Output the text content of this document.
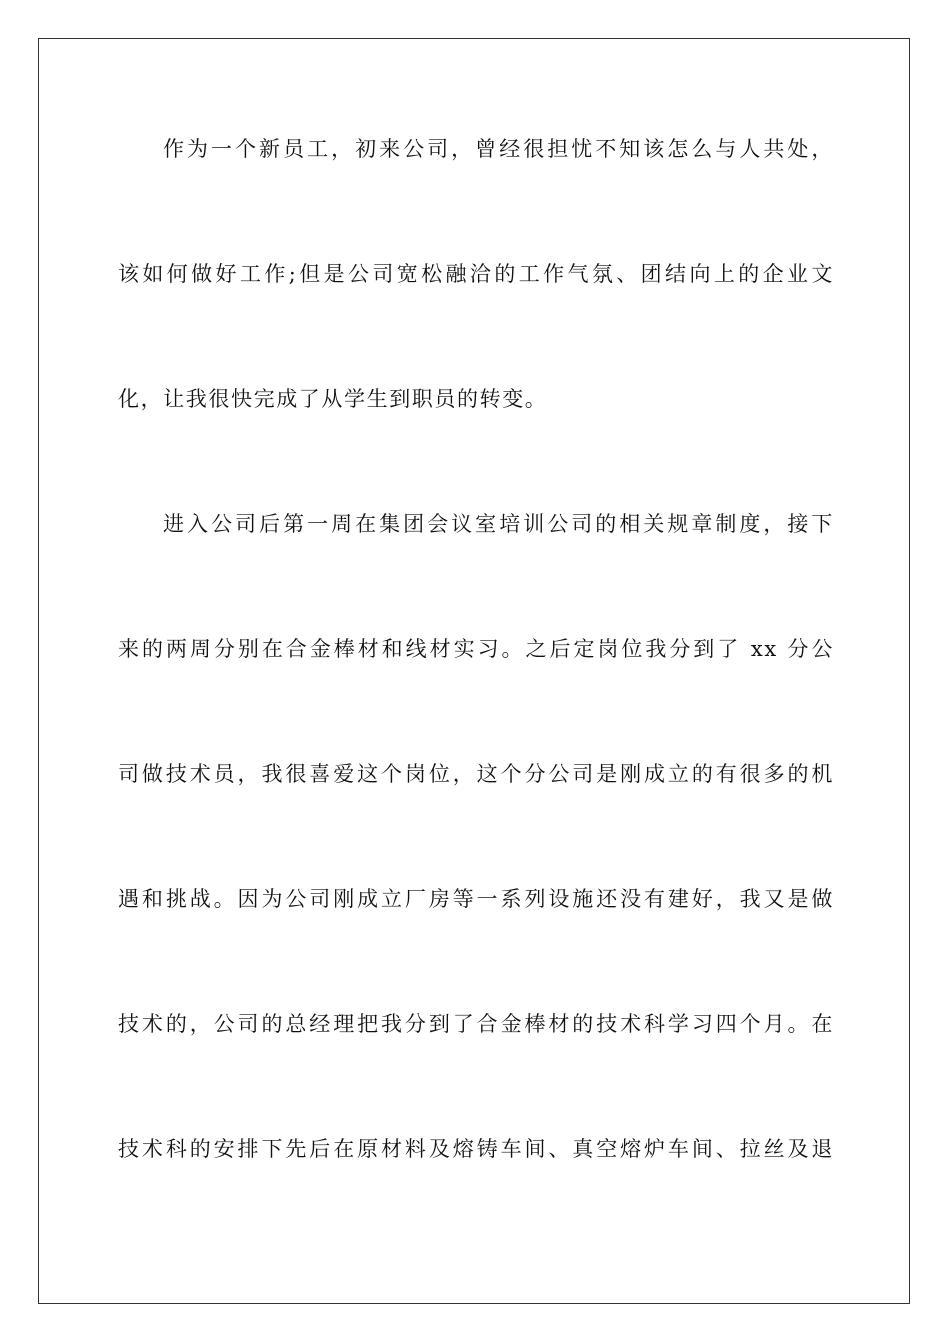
作为一个新员工，初来公司，曾经很担忧不知该怎么与人共处，
该如何做好工作;但是公司宽松融洽的工作气氛、团结向上的企业文
化，让我很快完成了从学生到职员的转变。
进入公司后第一周在集团会议室培训公司的相关规章制度，接下
来的两周分别在合金棒材和线材实习。之后定岗位我分到了 xx 分公
司做技术员，我很喜爱这个岗位，这个分公司是刚成立的有很多的机
遇和挑战。因为公司刚成立厂房等一系列设施还没有建好，我又是做
技术的，公司的总经理把我分到了合金棒材的技术科学习四个月。在
技术科的安排下先后在原材料及熔铸车间、真空熔炉车间、拉丝及退
